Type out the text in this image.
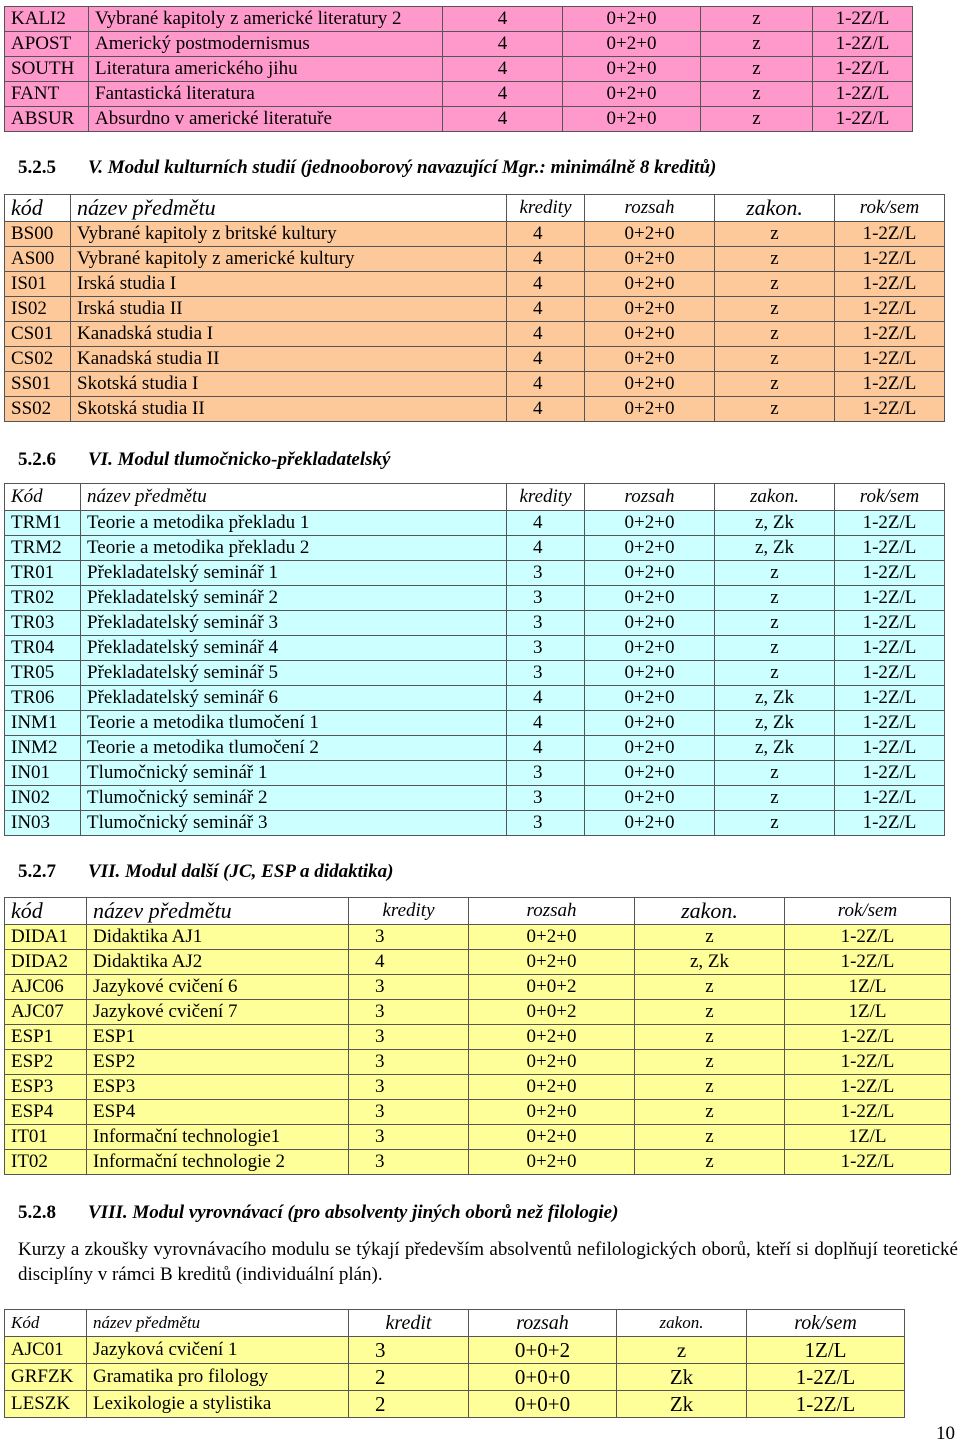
KALI2	Vybrané kapitoly z americké literatury 2	4	0+2+0	z	1-2Z/L
APOST	Americký postmodernismus	4	0+2+0	z	1-2Z/L
SOUTH	Literatura amerického jihu	4	0+2+0	z	1-2Z/L
FANT	Fantastická literatura	4	0+2+0	z	1-2Z/L
ABSUR	Absurdno v americké literatuře	4	0+2+0	z	1-2Z/L
5.2.5 V. Modul kulturních studií (jednooborový navazující Mgr.: minimálně 8 kreditů)
kód	název předmětu	kredity	rozsah	zakon.	rok/sem
BS00	Vybrané kapitoly z britské kultury	4	0+2+0	z	1-2Z/L
AS00	Vybrané kapitoly z americké kultury	4	0+2+0	z	1-2Z/L
IS01	Irská studia I	4	0+2+0	z	1-2Z/L
IS02	Irská studia II	4	0+2+0	z	1-2Z/L
CS01	Kanadská studia I	4	0+2+0	z	1-2Z/L
CS02	Kanadská studia II	4	0+2+0	z	1-2Z/L
SS01	Skotská studia I	4	0+2+0	z	1-2Z/L
SS02	Skotská studia II	4	0+2+0	z	1-2Z/L
5.2.6 VI. Modul tlumočnicko-překladatelský
Kód	název předmětu	kredity	rozsah	zakon.	rok/sem
TRM1	Teorie a metodika překladu 1	4	0+2+0	z, Zk	1-2Z/L
TRM2	Teorie a metodika překladu 2	4	0+2+0	z, Zk	1-2Z/L
TR01	Překladatelský seminář 1	3	0+2+0	z	1-2Z/L
TR02	Překladatelský seminář 2	3	0+2+0	z	1-2Z/L
TR03	Překladatelský seminář 3	3	0+2+0	z	1-2Z/L
TR04	Překladatelský seminář 4	3	0+2+0	z	1-2Z/L
TR05	Překladatelský seminář 5	3	0+2+0	z	1-2Z/L
TR06	Překladatelský seminář 6	4	0+2+0	z, Zk	1-2Z/L
INM1	Teorie a metodika tlumočení 1	4	0+2+0	z, Zk	1-2Z/L
INM2	Teorie a metodika tlumočení 2	4	0+2+0	z, Zk	1-2Z/L
IN01	Tlumočnický seminář 1	3	0+2+0	z	1-2Z/L
IN02	Tlumočnický seminář 2	3	0+2+0	z	1-2Z/L
IN03	Tlumočnický seminář 3	3	0+2+0	z	1-2Z/L
5.2.7 VII. Modul další (JC, ESP a didaktika)
kód	název předmětu	kredity	rozsah	zakon.	rok/sem
DIDA1	Didaktika AJ1	3	0+2+0	z	1-2Z/L
DIDA2	Didaktika AJ2	4	0+2+0	z, Zk	1-2Z/L
AJC06	Jazykové cvičení 6	3	0+0+2	z	1Z/L
AJC07	Jazykové cvičení 7	3	0+0+2	z	1Z/L
ESP1	ESP1	3	0+2+0	z	1-2Z/L
ESP2	ESP2	3	0+2+0	z	1-2Z/L
ESP3	ESP3	3	0+2+0	z	1-2Z/L
ESP4	ESP4	3	0+2+0	z	1-2Z/L
IT01	Informační technologie1	3	0+2+0	z	1Z/L
IT02	Informační technologie 2	3	0+2+0	z	1-2Z/L
5.2.8 VIII. Modul vyrovnávací (pro absolventy jiných oborů než filologie)

Kurzy a zkoušky vyrovnávacího modulu se týkají především absolventů nefilologických oborů, kteří si doplňují teoretické disciplíny v rámci B kreditů (individuální plán).

Kód	název předmětu	kredit	rozsah	zakon.	rok/sem
AJC01	Jazyková cvičení 1	3	0+0+2	z	1Z/L
GRFZK	Gramatika pro filology	2	0+0+0	Zk	1-2Z/L
LESZK	Lexikologie a stylistika	2	0+0+0	Zk	1-2Z/L
10
